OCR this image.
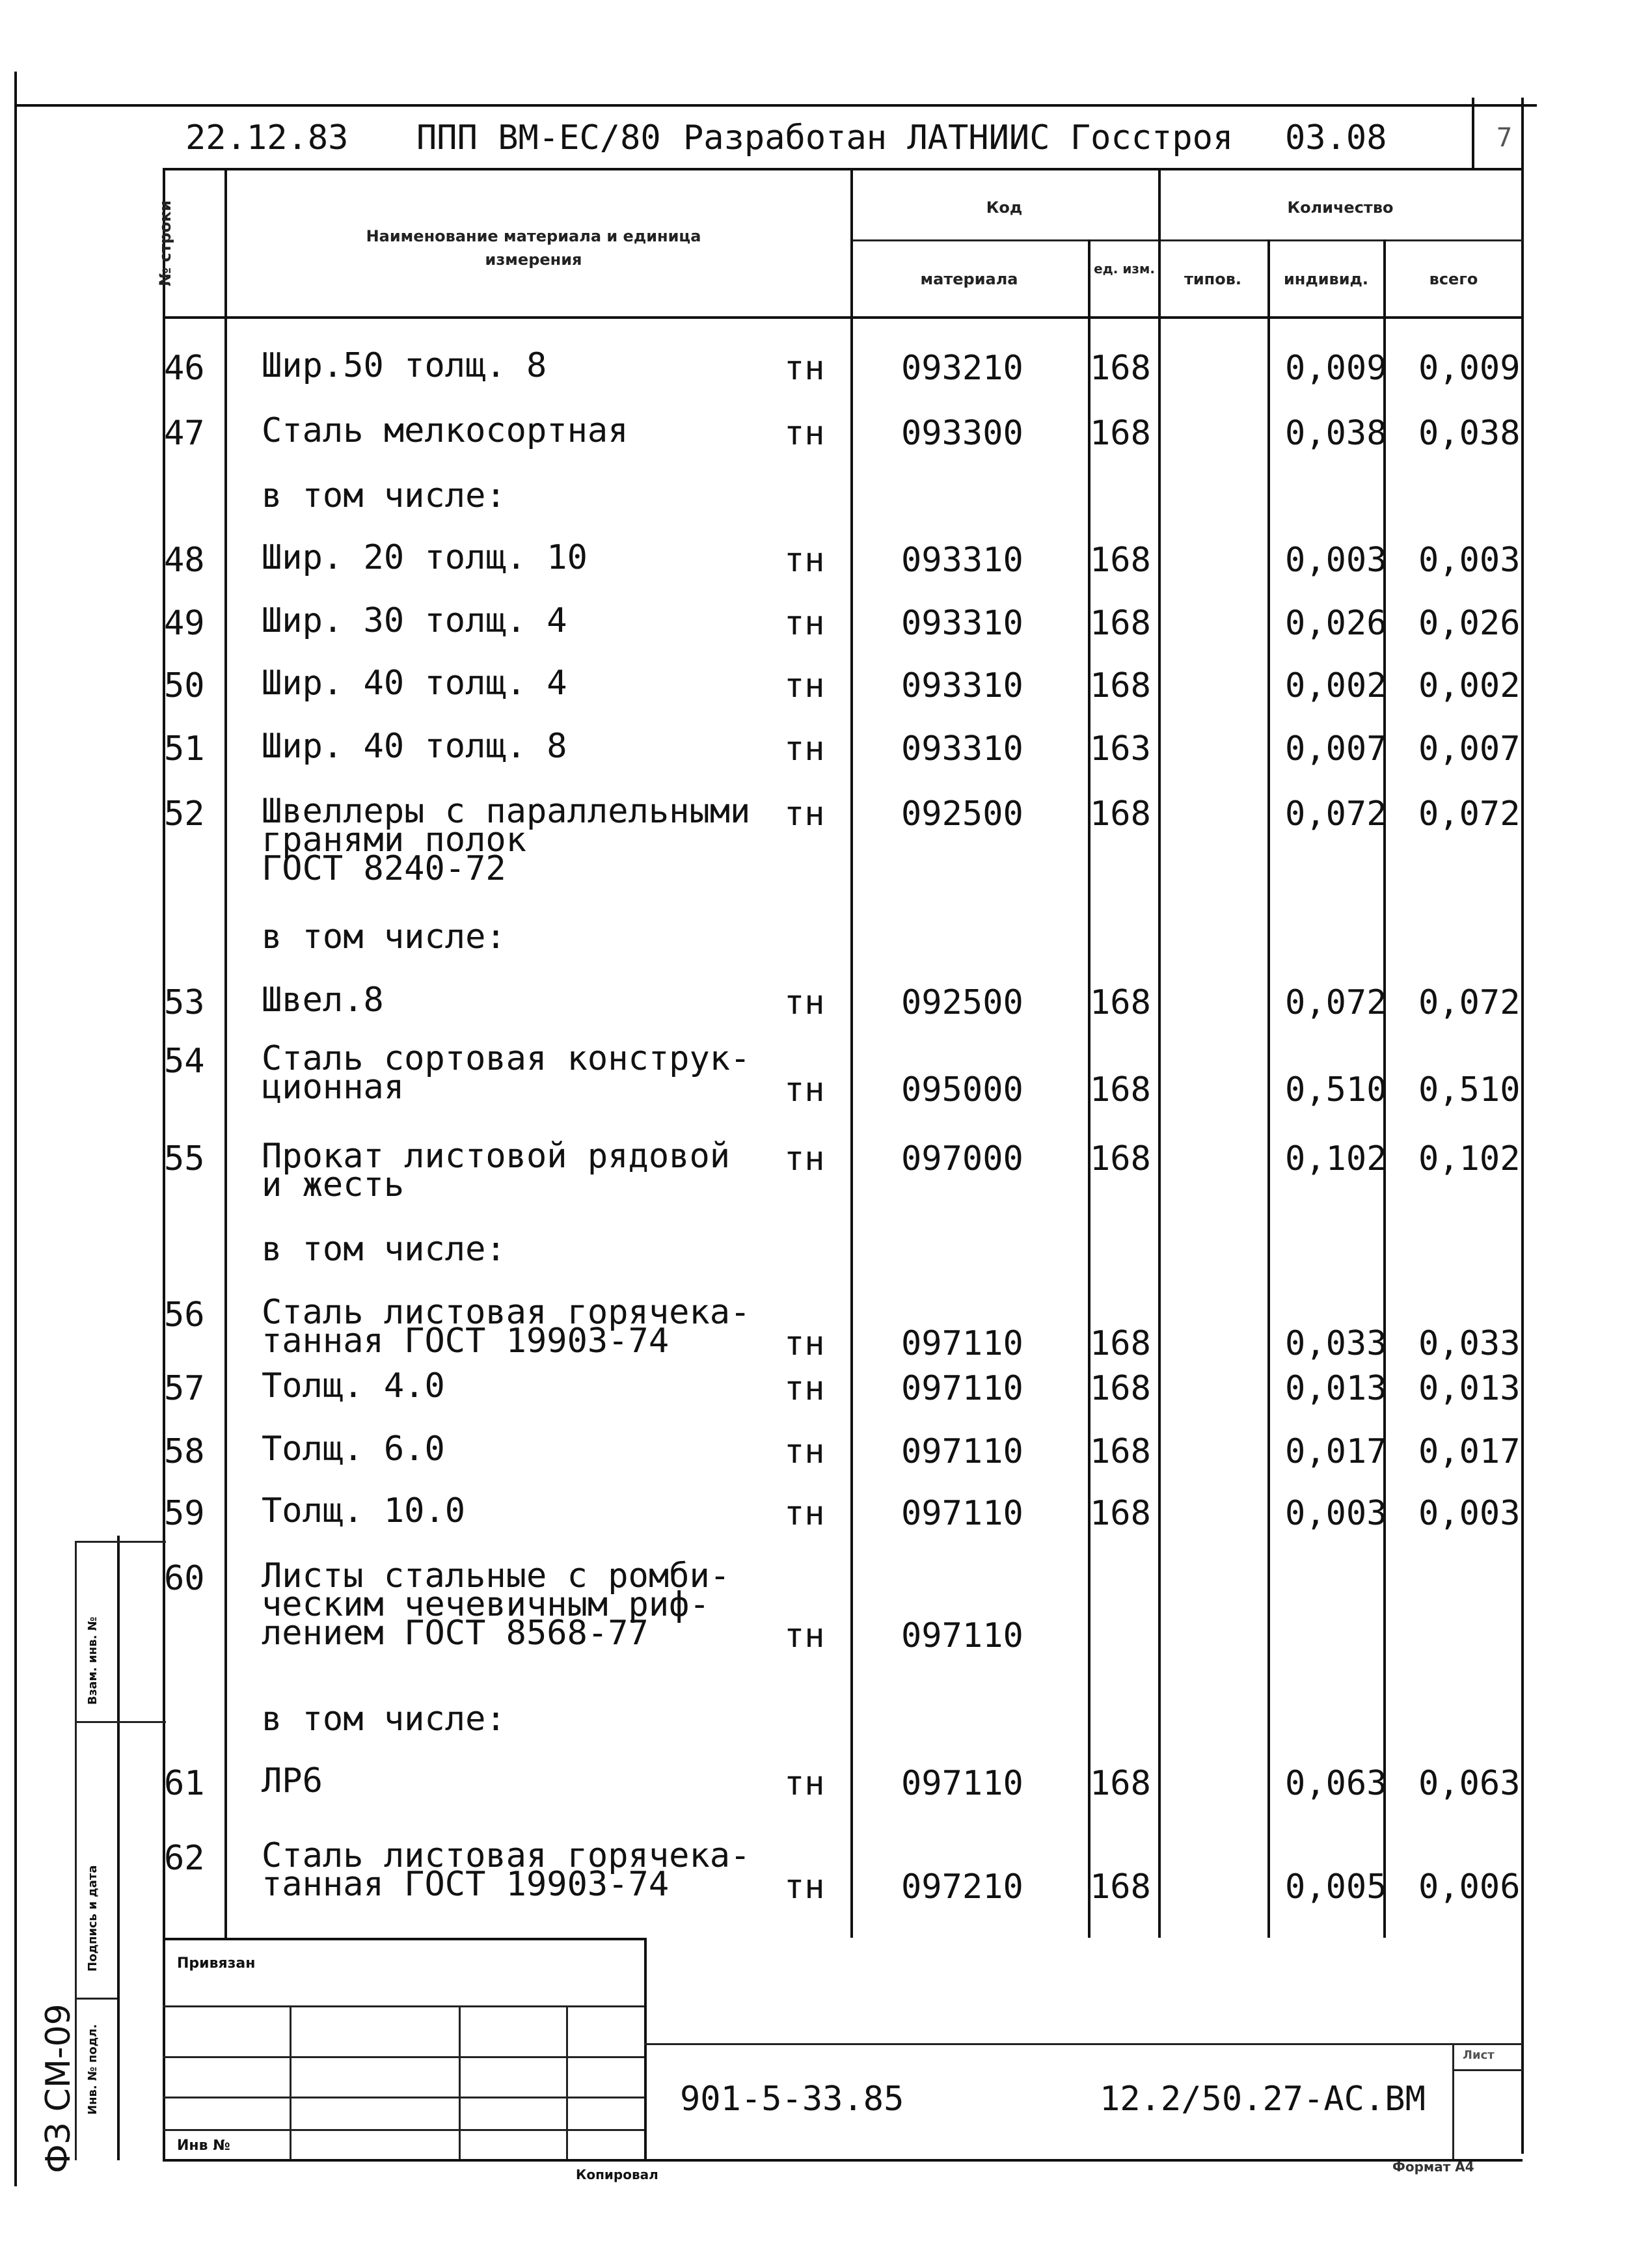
22.12.83 ППП ВМ-ЕС/80 Разработан ЛАТНИИС Госстроя 03.08	7
№ строки	Наименование материала и единица измерения
Код
материала
ед. изм.
Количество
типов.	индивид.	всего
46 Шир.50 толщ. 8	тн 093210 168	0,009 0,009
47 Сталь мелкосортная	тн 093300 168	0,038 0,038
в том числе:
48 Шир. 20 толщ. 10	тн 093310 168	0,003 0,003
49 Шир. 30 толщ. 4	тн 093310 168	0,026 0,026
50 Шир. 40 толщ. 4	тн 093310 168	0,002 0,002
51 Шир. 40 толщ. 8	тн 093310 163	0,007 0,007
52 Швеллеры с параллельными
гранями полок
ГОСТ 8240-72
тн 092500 168	0,072 0,072
в том числе:
53 Швел.8	тн 092500 168	0,072 0,072
54 Сталь сортовая конструк-
ционная	тн 095000 168	0,510 0,510
55 Прокат листовой рядовой
и жесть
тн 097000 168	0,102 0,102
в том числе:
56 Сталь листовая горячека-
танная ГОСТ 19903-74	тн 097110 168	0,033 0,033
57 Толщ. 4.0	тн 097110 168	0,013 0,013
58 Толщ. 6.0	тн 097110 168	0,017 0,017
59 Толщ. 10.0	тн 097110 168	0,003 0,003
60 Листы стальные с ромби-
ческим чечевичным риф-
лением ГОСТ 8568-77	тн 097110
в том числе:
61 ЛР6	тн 097110 168	0,063 0,063
62 Сталь листовая горячека-
танная ГОСТ 19903-74	тн 097210 168	0,005 0,006
Привязан
Инв №
901-5-33.85	12.2/50.27-АС.ВМ
Лист
Копировал	Формат А4
Взам. инв. №
Подпись и дата
Инв. № подл.
ФЗ СМ-09
